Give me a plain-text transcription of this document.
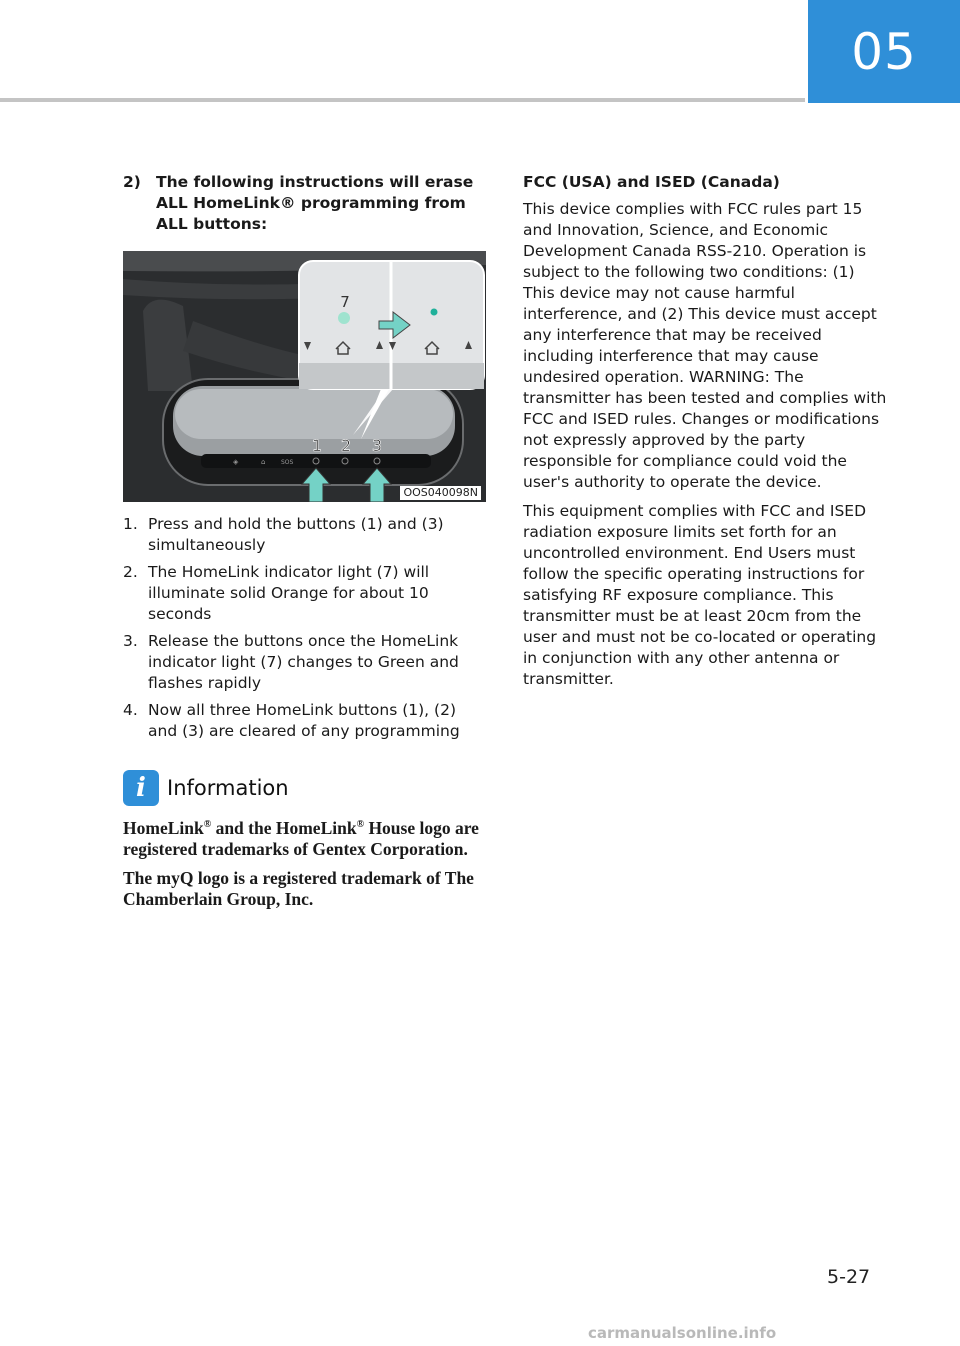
05
2) The following instructions will erase ALL HomeLink® programming from ALL buttons:
◈	⌂	SOS
7
1 2 3
OOS040098N
1. Press and hold the buttons (1) and (3) simultaneously
2. The HomeLink indicator light (7) will illuminate solid Orange for about 10 seconds
3. Release the buttons once the HomeLink indicator light (7) changes to Green and flashes rapidly
4. Now all three HomeLink buttons (1), (2) and (3) are cleared of any programming
i	Information

HomeLink® and the HomeLink® House logo are registered trademarks of Gentex Corporation.

The myQ logo is a registered trademark of The Chamberlain Group, Inc.

FCC (USA) and ISED (Canada)

This device complies with FCC rules part 15 and Innovation, Science, and Economic Development Canada RSS-210. Operation is subject to the following two conditions: (1) This device may not cause harmful interference, and (2) This device must accept any interference that may be received including interference that may cause undesired operation. WARNING: The transmitter has been tested and complies with FCC and ISED rules. Changes or modifications not expressly approved by the party responsible for compliance could void the user's authority to operate the device.

This equipment complies with FCC and ISED radiation exposure limits set forth for an uncontrolled environment. End Users must follow the specific operating instructions for satisfying RF exposure compliance. This transmitter must be at least 20cm from the user and must not be co-located or operating in conjunction with any other antenna or transmitter.

5-27
carmanualsonline.info
